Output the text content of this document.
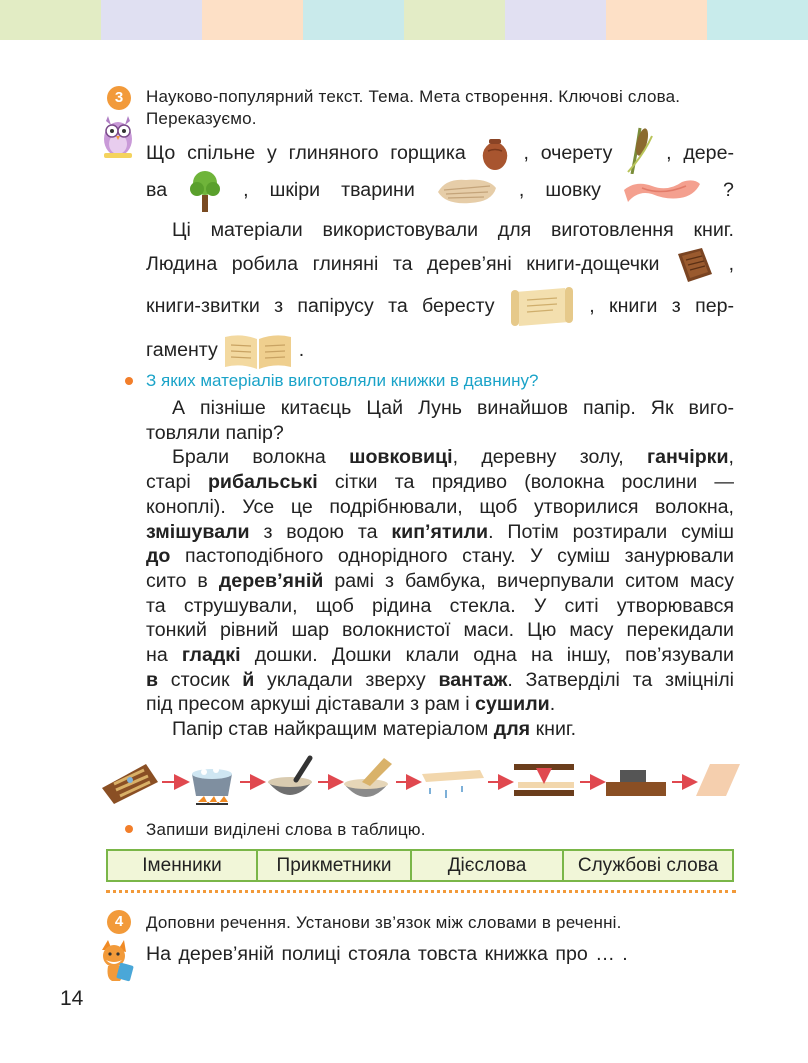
3	Науково-популярний текст. Тема. Мета створення. Ключові слова.
Переказуємо.
Що спільне у глиняного горщика	, очерету	, дере-
ва	, шкіри тварини	, шовку	?
Ці матеріали використовували для виготовлення книг.
Людина робила глиняні та дерев’яні книги-дощечки	,
книги-звитки з папірусу та бересту	, книги з пер-
гаменту	.
З яких матеріалів виготовляли книжки в давнину?
А пізніше китаєць Цай Лунь винайшов папір. Як виго-
товляли папір?
Брали волокна шовковиці, деревну золу, ганчірки,
старі рибальські сітки та прядиво (волокна рослини —
коноплі). Усе це подрібнювали, щоб утворилися волокна,
змішували з водою та кип’ятили. Потім розтирали суміш
до пастоподібного однорідного стану. У суміш занурювали
сито в дерев’яній рамі з бамбука, вичерпували ситом масу
та струшували, щоб рідина стекла. У ситі утворювався
тонкий рівний шар волокнистої маси. Цю масу перекидали
на гладкі дошки. Дошки клали одна на іншу, пов’язували
в стосик й укладали зверху вантаж. Затверділі та зміцнілі
під пресом аркуші діставали з рам і сушили.
Папір став найкращим матеріалом для книг.
Запиши виділені слова в таблицю.
Іменники	Прикметники	Дієслова	Службові слова
4	Доповни речення. Установи зв’язок між словами в реченні.
На дерев’яній полиці стояла товста книжка про … .
14
